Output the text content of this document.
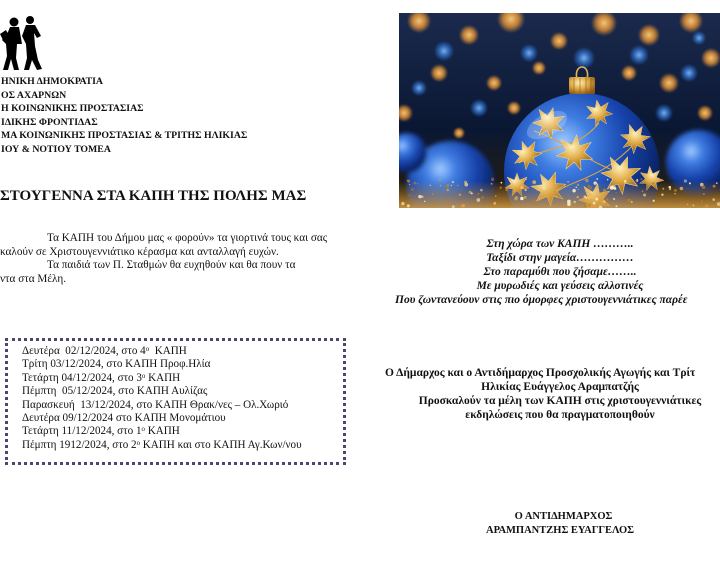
ΗΝΙΚΗ ΔΗΜΟΚΡΑΤΙΑ
ΟΣ ΑΧΑΡΝΩΝ
Η ΚΟΙΝΩΝΙΚΗΣ ΠΡΟΣΤΑΣΙΑΣ
ΙΔΙΚΗΣ ΦΡΟΝΤΙΔΑΣ
ΜΑ ΚΟΙΝΩΝΙΚΗΣ ΠΡΟΣΤΑΣΙΑΣ & ΤΡΙΤΗΣ ΗΛΙΚΙΑΣ
ΙΟΥ & ΝΟΤΙΟΥ ΤΟΜΕΑ
ΣΤΟΥΓΕΝΝΑ ΣΤΑ ΚΑΠΗ ΤΗΣ ΠΟΛΗΣ ΜΑΣ
Τα ΚΑΠΗ του Δήμου μας « φορούν» τα γιορτινά τους και σας
καλούν σε Χριστουγεννιάτικο κέρασμα και ανταλλαγή ευχών.
Τα παιδιά των Π. Σταθμών θα ευχηθούν και θα πουν τα
ντα στα Μέλη.
Δευτέρα  02/12/2024, στο $4^o$  ΚΑΠΗ
Τρίτη 03/12/2024, στο ΚΑΠΗ Προφ.Ηλία
Τετάρτη 04/12/2024, στο $3^o$ ΚΑΠΗ
Πέμπτη  05/12/2024, στο ΚΑΠΗ Αυλίζας
Παρασκευή  13/12/2024, στο ΚΑΠΗ Θρακ/νες – Ολ.Χωριό
Δευτέρα 09/12/2024 στο ΚΑΠΗ Μονομάτιου
Τετάρτη 11/12/2024, στο $1^o$ ΚΑΠΗ
Πέμπτη 1912/2024, στο $2^o$ ΚΑΠΗ και στο ΚΑΠΗ Αγ.Κων/νου
Στη χώρα των ΚΑΠΗ ………..
Ταξίδι στην μαγεία……………
Στο παραμύθι που ζήσαμε……..
Με μυρωδιές και γεύσεις αλλοτινές
Που ζωντανεύουν στις πιο όμορφες χριστουγεννιάτικες παρέε
Ο Δήμαρχος και ο Αντιδήμαρχος Προσχολικής Αγωγής και Τρίτ
Ηλικίας Ευάγγελος Αραμπατζής
Προσκαλούν τα μέλη των ΚΑΠΗ στις χριστουγεννιάτικες
εκδηλώσεις που θα πραγματοποιηθούν
Ο ΑΝΤΙΔΗΜΑΡΧΟΣ
ΑΡΑΜΠΑΝΤΖΗΣ ΕΥΑΓΓΕΛΟΣ
